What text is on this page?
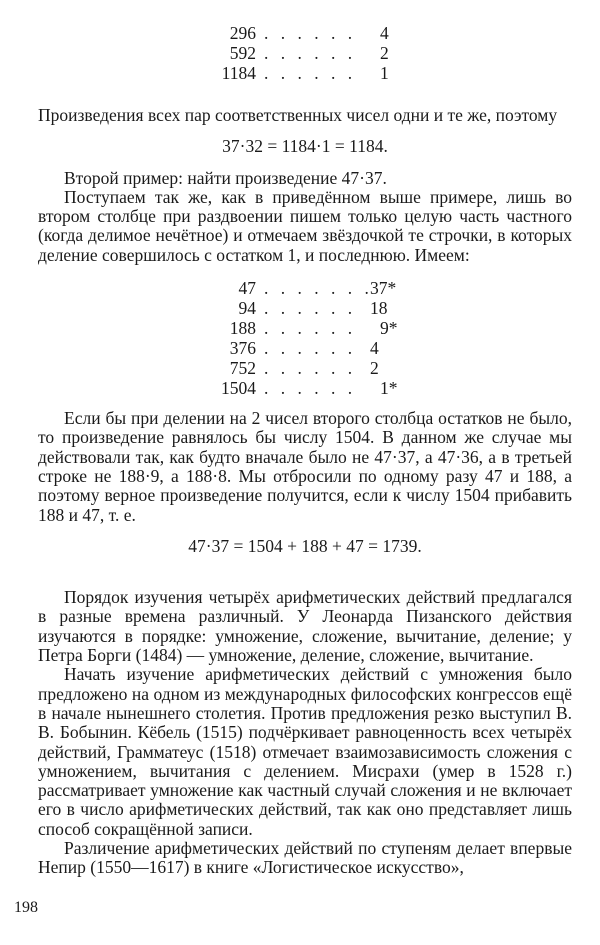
296 . . . . . . 4
592 . . . . . . 2
1184 . . . . . . 1

Произведения всех пар соответственных чисел одни и те же, поэтому

37·32 = 1184·1 = 1184.

Второй пример: найти произведение 47·37.

Поступаем так же, как в приведённом выше примере, лишь во втором столбце при раздвоении пишем только целую часть частного (когда делимое нечётное) и отмечаем звёздочкой те строчки, в которых деление совершилось с остатком 1, и последнюю. Имеем:

47 . . . . . . .
37*
94 . . . . . . 18
188 . . . . . . 9*
376 . . . . . . 4
752 . . . . . . 2
1504 . . . . . . 1*

Если бы при делении на 2 чисел второго столбца остатков не было, то произведение равнялось бы числу 1504. В данном же случае мы действовали так, как будто вначале было не 47·37, а 47·36, а в третьей строке не 188·9, а 188·8. Мы отбросили по одному разу 47 и 188, а поэтому верное произведение получится, если к числу 1504 прибавить 188 и 47, т. е.

47·37 = 1504 + 188 + 47 = 1739.

Порядок изучения четырёх арифметических действий предлагался в разные времена различный. У Леонарда Пизанского действия изучаются в порядке: умножение, сложение, вычитание, деление; у Петра Борги (1484) — умножение, деление, сложение, вычитание.

Начать изучение арифметических действий с умножения было предложено на одном из международных философских конгрессов ещё в начале нынешнего столетия. Против предложения резко выступил В. В. Бобынин. Кёбель (1515) подчёркивает равноценность всех четырёх действий, Грамматеус (1518) отмечает взаимозависимость сложения с умножением, вычитания с делением. Мисрахи (умер в 1528 г.) рассматривает умножение как частный случай сложения и не включает его в число арифметических действий, так как оно представляет лишь способ сокращённой записи.

Различение арифметических действий по ступеням делает впервые Непир (1550—1617) в книге «Логистическое искусство»,

198
